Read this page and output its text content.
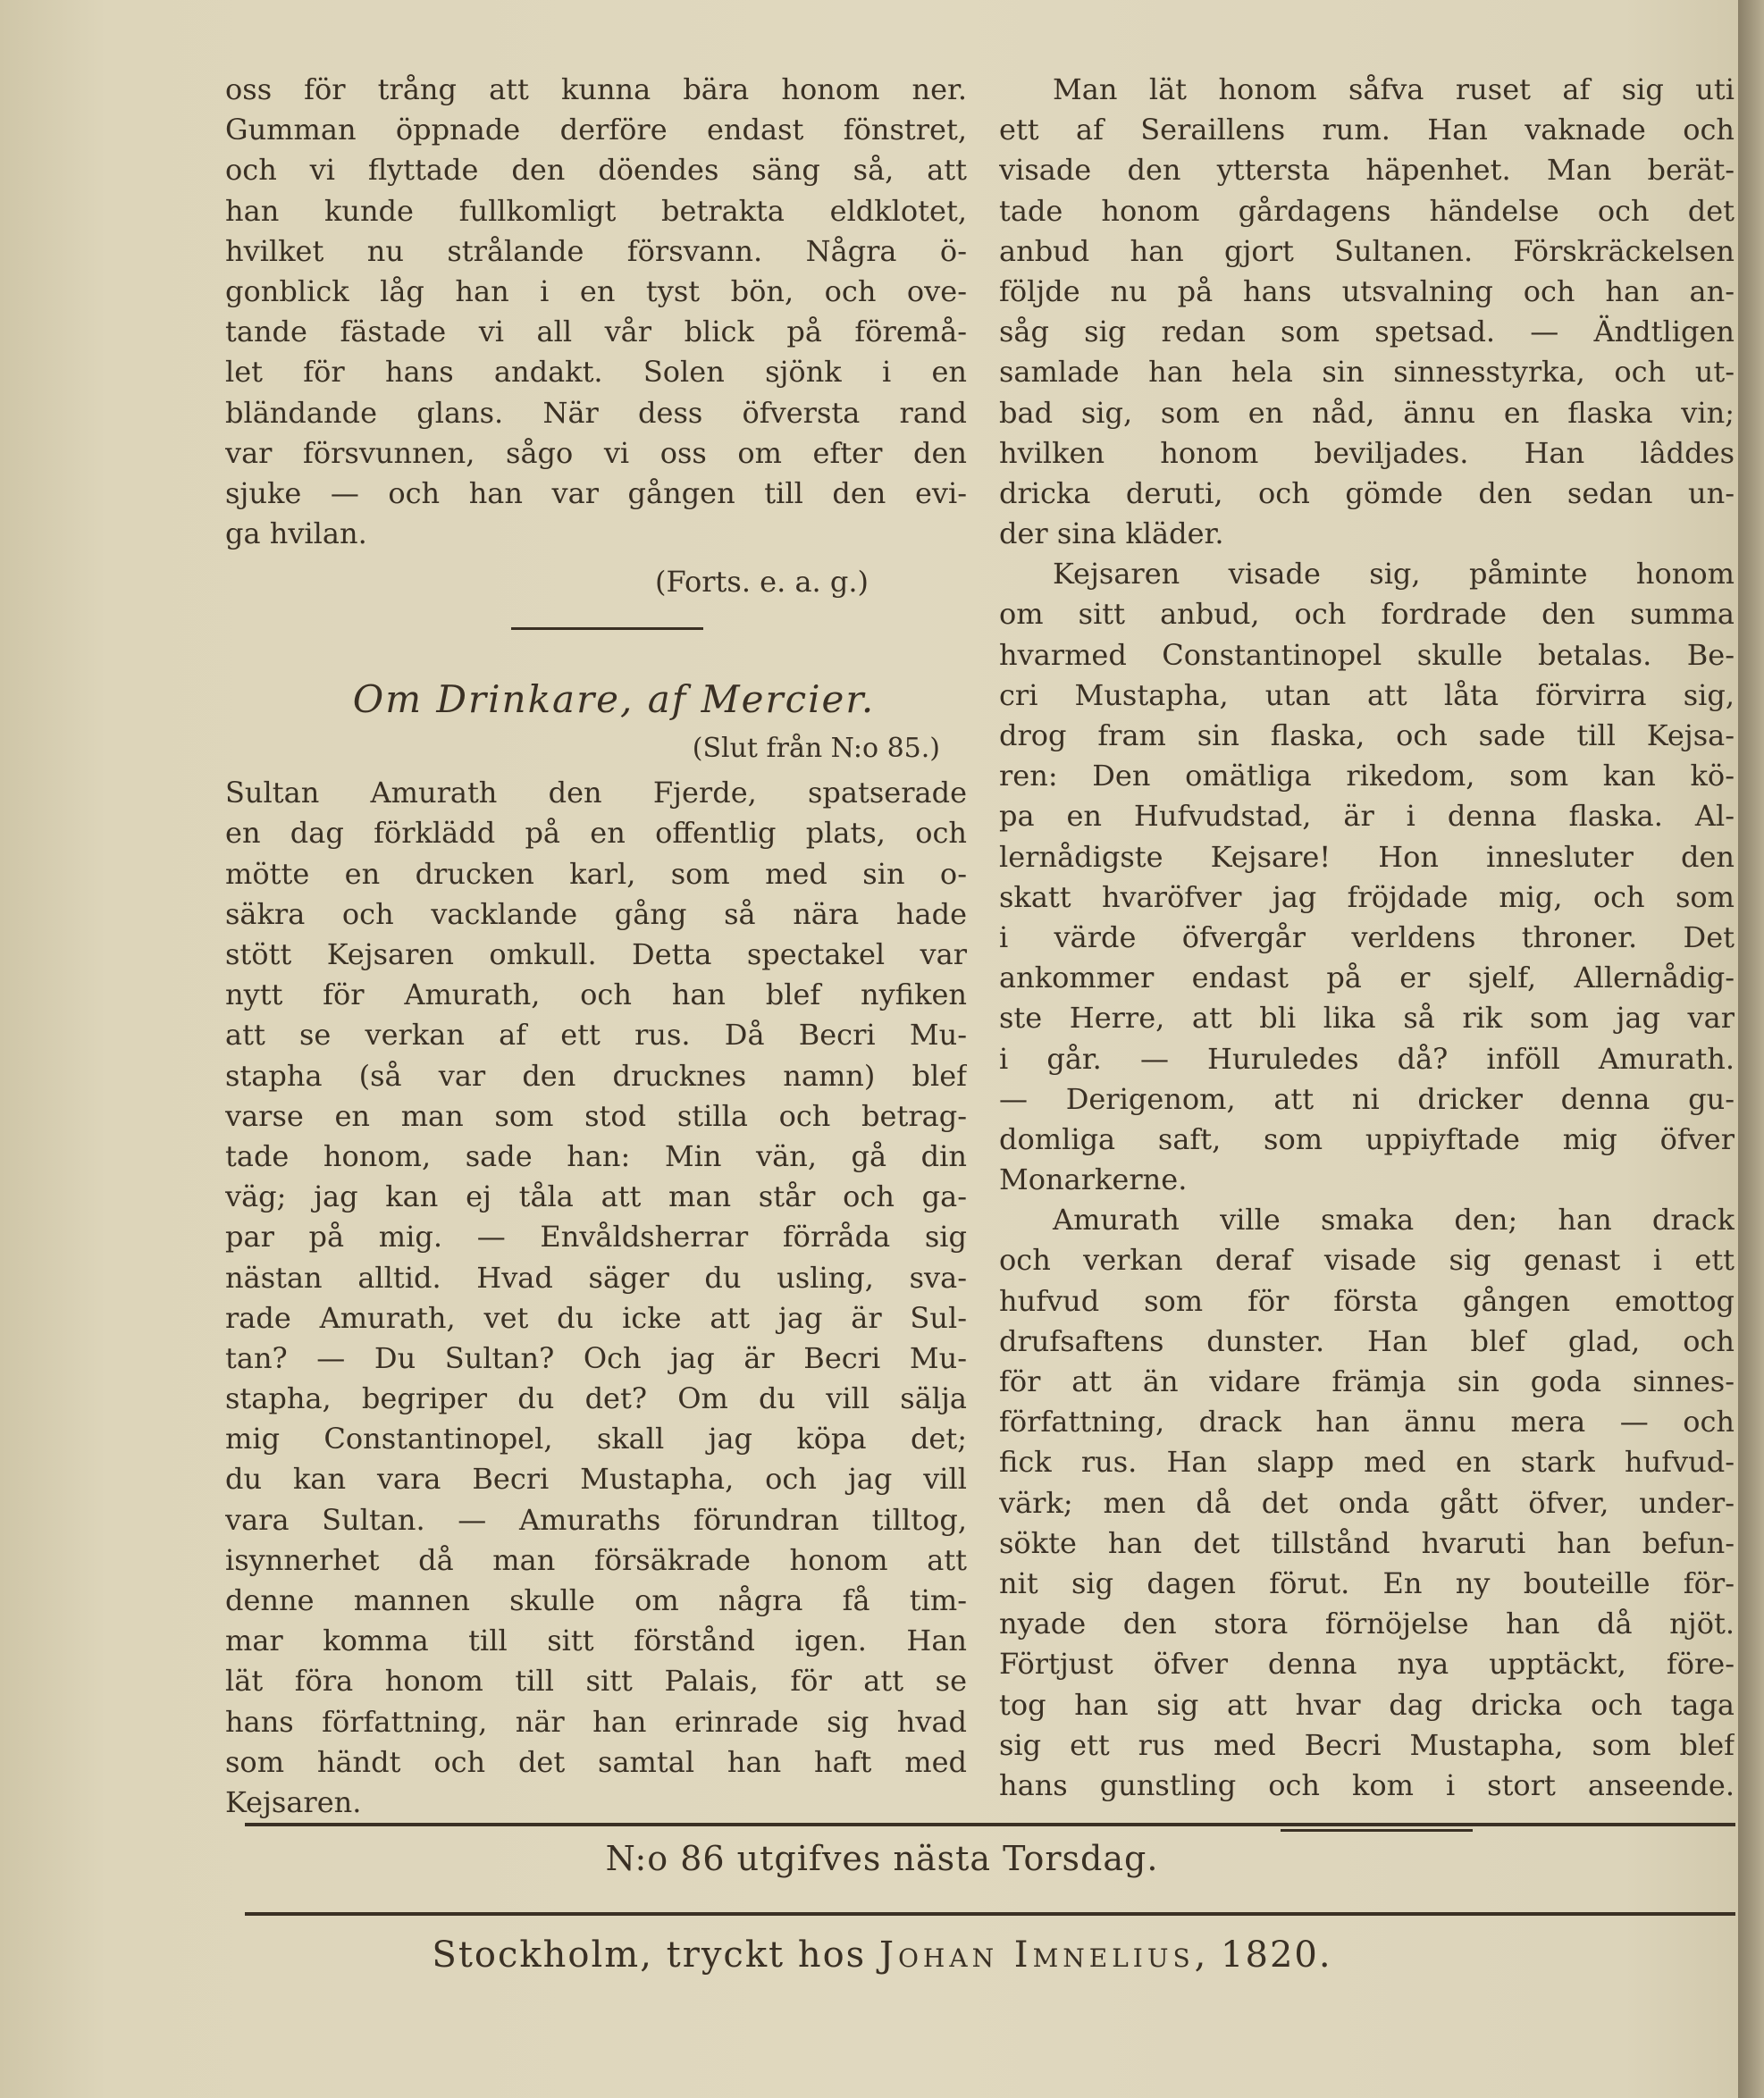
oss för trång att kunna bära honom ner.
Gumman öppnade derföre endast fönstret,
och vi flyttade den döendes säng så, att
han kunde fullkomligt betrakta eldklotet,
hvilket nu strålande försvann. Några ö-
gonblick låg han i en tyst bön, och ove-
tande fästade vi all vår blick på föremå-
let för hans andakt. Solen sjönk i en
bländande glans. När dess öfversta rand
var försvunnen, sågo vi oss om efter den
sjuke — och han var gången till den evi-
ga hvilan.
(Forts. e. a. g.)
Om Drinkare, af Mercier.
(Slut från N:o 85.)
Sultan Amurath den Fjerde, spatserade
en dag förklädd på en offentlig plats, och
mötte en drucken karl, som med sin o-
säkra och vacklande gång så nära hade
stött Kejsaren omkull. Detta spectakel var
nytt för Amurath, och han blef nyfiken
att se verkan af ett rus. Då Becri Mu-
stapha (så var den drucknes namn) blef
varse en man som stod stilla och betrag-
tade honom, sade han: Min vän, gå din
väg; jag kan ej tåla att man står och ga-
par på mig. — Envåldsherrar förråda sig
nästan alltid. Hvad säger du usling, sva-
rade Amurath, vet du icke att jag är Sul-
tan? — Du Sultan? Och jag är Becri Mu-
stapha, begriper du det? Om du vill sälja
mig Constantinopel, skall jag köpa det;
du kan vara Becri Mustapha, och jag vill
vara Sultan. — Amuraths förundran tilltog,
isynnerhet då man försäkrade honom att
denne mannen skulle om några få tim-
mar komma till sitt förstånd igen. Han
lät föra honom till sitt Palais, för att se
hans författning, när han erinrade sig hvad
som händt och det samtal han haft med
Kejsaren.
Man lät honom såfva ruset af sig uti
ett af Seraillens rum. Han vaknade och
visade den yttersta häpenhet. Man berät-
tade honom gårdagens händelse och det
anbud han gjort Sultanen. Förskräckelsen
följde nu på hans utsvalning och han an-
såg sig redan som spetsad. — Ändtligen
samlade han hela sin sinnesstyrka, och ut-
bad sig, som en nåd, ännu en flaska vin;
hvilken honom beviljades. Han lâddes
dricka deruti, och gömde den sedan un-
der sina kläder.
Kejsaren visade sig, påminte honom
om sitt anbud, och fordrade den summa
hvarmed Constantinopel skulle betalas. Be-
cri Mustapha, utan att låta förvirra sig,
drog fram sin flaska, och sade till Kejsa-
ren: Den omätliga rikedom, som kan kö-
pa en Hufvudstad, är i denna flaska. Al-
lernådigste Kejsare! Hon innesluter den
skatt hvaröfver jag fröjdade mig, och som
i värde öfvergår verldens throner. Det
ankommer endast på er sjelf, Allernådig-
ste Herre, att bli lika så rik som jag var
i går. — Huruledes då? inföll Amurath.
— Derigenom, att ni dricker denna gu-
domliga saft, som uppiyftade mig öfver
Monarkerne.
Amurath ville smaka den; han drack
och verkan deraf visade sig genast i ett
hufvud som för första gången emottog
drufsaftens dunster. Han blef glad, och
för att än vidare främja sin goda sinnes-
författning, drack han ännu mera — och
fick rus. Han slapp med en stark hufvud-
värk; men då det onda gått öfver, under-
sökte han det tillstånd hvaruti han befun-
nit sig dagen förut. En ny bouteille för-
nyade den stora förnöjelse han då njöt.
Förtjust öfver denna nya upptäckt, före-
tog han sig att hvar dag dricka och taga
sig ett rus med Becri Mustapha, som blef
hans gunstling och kom i stort anseende.
N:o 86 utgifves nästa Torsdag.
Stockholm, tryckt hos Johan Imnelius, 1820.
